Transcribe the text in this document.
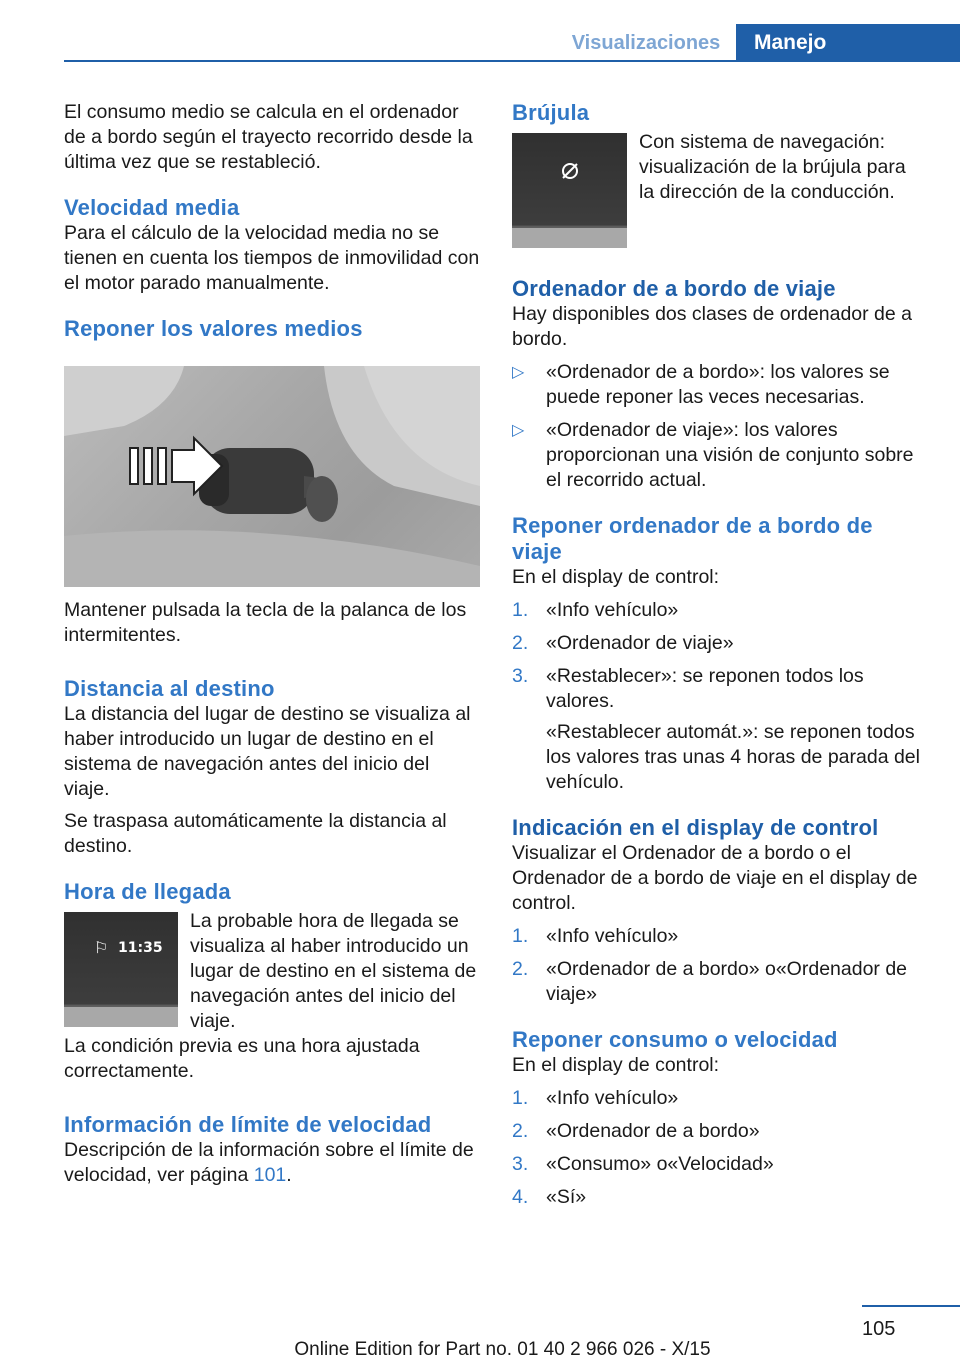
Visualizaciones	Manejo

El consumo medio se calcula en el ordenador de a bordo según el trayecto recorrido desde la última vez que se restableció.

Velocidad media

Para el cálculo de la velocidad media no se tienen en cuenta los tiempos de inmovilidad con el motor parado manualmente.

Reponer los valores medios

Mantener pulsada la tecla de la palanca de los intermitentes.

Distancia al destino

La distancia del lugar de destino se visualiza al haber introducido un lugar de destino en el sistema de navegación antes del inicio del viaje.

Se traspasa automáticamente la distancia al destino.

Hora de llegada
⚐ 11:35

La probable hora de llegada se visualiza al haber introducido un lugar de destino en el sistema de navegación antes del inicio del viaje.

La condición previa es una hora ajustada correctamente.

Información de límite de velocidad

Descripción de la información sobre el límite de velocidad, ver página 101.

Brújula

Con sistema de navegación: visualización de la brújula para la dirección de la conducción.

Ordenador de a bordo de viaje

Hay disponibles dos clases de ordenador de a bordo.

▷ «Ordenador de a bordo»: los valores se puede reponer las veces necesarias.
▷ «Ordenador de viaje»: los valores proporcionan una visión de conjunto sobre el recorrido actual.
Reponer ordenador de a bordo de viaje

En el display de control:

1. «Info vehículo»
2. «Ordenador de viaje»
3. «Restablecer»: se reponen todos los valores.
«Restablecer automát.»: se reponen todos los valores tras unas 4 horas de parada del vehículo.
Indicación en el display de control

Visualizar el Ordenador de a bordo o el Ordenador de a bordo de viaje en el display de control.

1. «Info vehículo»
2. «Ordenador de a bordo» o«Ordenador de viaje»
Reponer consumo o velocidad

En el display de control:

1. «Info vehículo»
2. «Ordenador de a bordo»
3. «Consumo» o«Velocidad»
4. «Sí»
105
Online Edition for Part no. 01 40 2 966 026 - X/15
